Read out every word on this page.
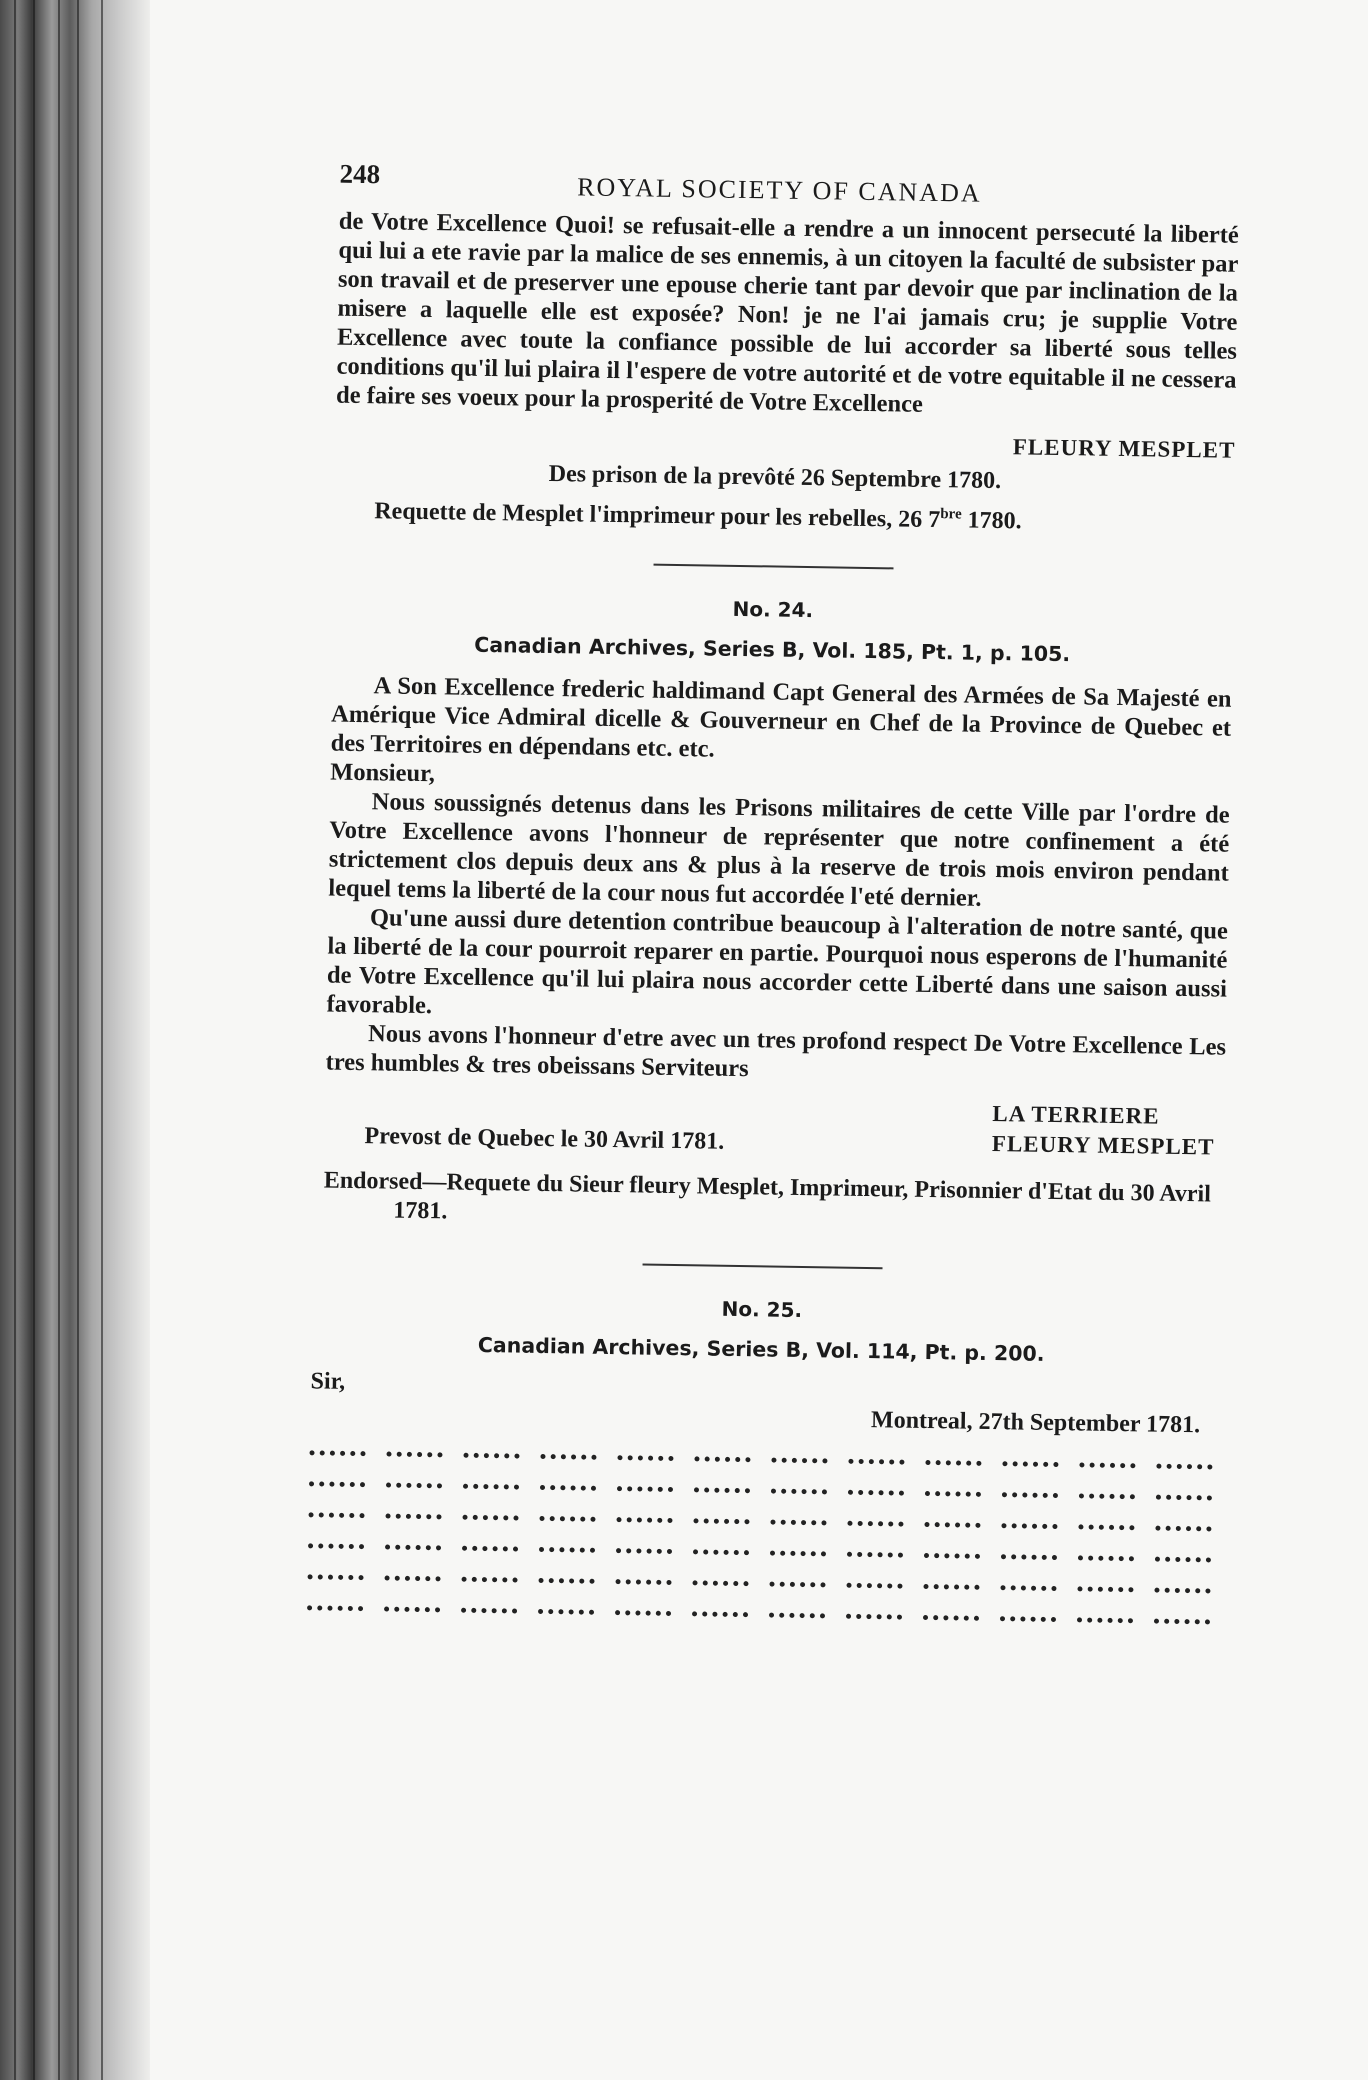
248	ROYAL SOCIETY OF CANADA

de Votre Excellence Quoi! se refusait-elle a rendre a un innocent persecuté la liberté qui lui a ete ravie par la malice de ses ennemis, à un citoyen la faculté de subsister par son travail et de preserver une epouse cherie tant par devoir que par inclination de la misere a laquelle elle est exposée? Non! je ne l'ai jamais cru; je supplie Votre Excellence avec toute la confiance possible de lui accorder sa liberté sous telles conditions qu'il lui plaira il l'espere de votre autorité et de votre equitable il ne cessera de faire ses voeux pour la prosperité de Votre Excellence

FLEURY MESPLET
Des prison de la prevôté 26 Septembre 1780.
Requette de Mesplet l'imprimeur pour les rebelles, 26 $7^{bre}$ 1780.
No. 24.
Canadian Archives, Series B, Vol. 185, Pt. 1, p. 105.

A Son Excellence frederic haldimand Capt General des Armées de Sa Majesté en Amérique Vice Admiral dicelle & Gouverneur en Chef de la Province de Quebec et des Territoires en dépendans etc. etc.

Monsieur,

Nous soussignés detenus dans les Prisons militaires de cette Ville par l'ordre de Votre Excellence avons l'honneur de représenter que notre confinement a été strictement clos depuis deux ans & plus à la reserve de trois mois environ pendant lequel tems la liberté de la cour nous fut accordée l'eté dernier.

Qu'une aussi dure detention contribue beaucoup à l'alteration de notre santé, que la liberté de la cour pourroit reparer en partie. Pourquoi nous esperons de l'humanité de Votre Excellence qu'il lui plaira nous accorder cette Liberté dans une saison aussi favorable.

Nous avons l'honneur d'etre avec un tres profond respect De Votre Excellence Les tres humbles & tres obeissans Serviteurs

LA TERRIERE
FLEURY MESPLET
Prevost de Quebec le 30 Avril 1781.
Endorsed—Requete du Sieur fleury Mesplet, Imprimeur, Prisonnier d'Etat du 30 Avril 1781.
No. 25.
Canadian Archives, Series B, Vol. 114, Pt. p. 200.
Sir,
Montreal, 27th September 1781.
